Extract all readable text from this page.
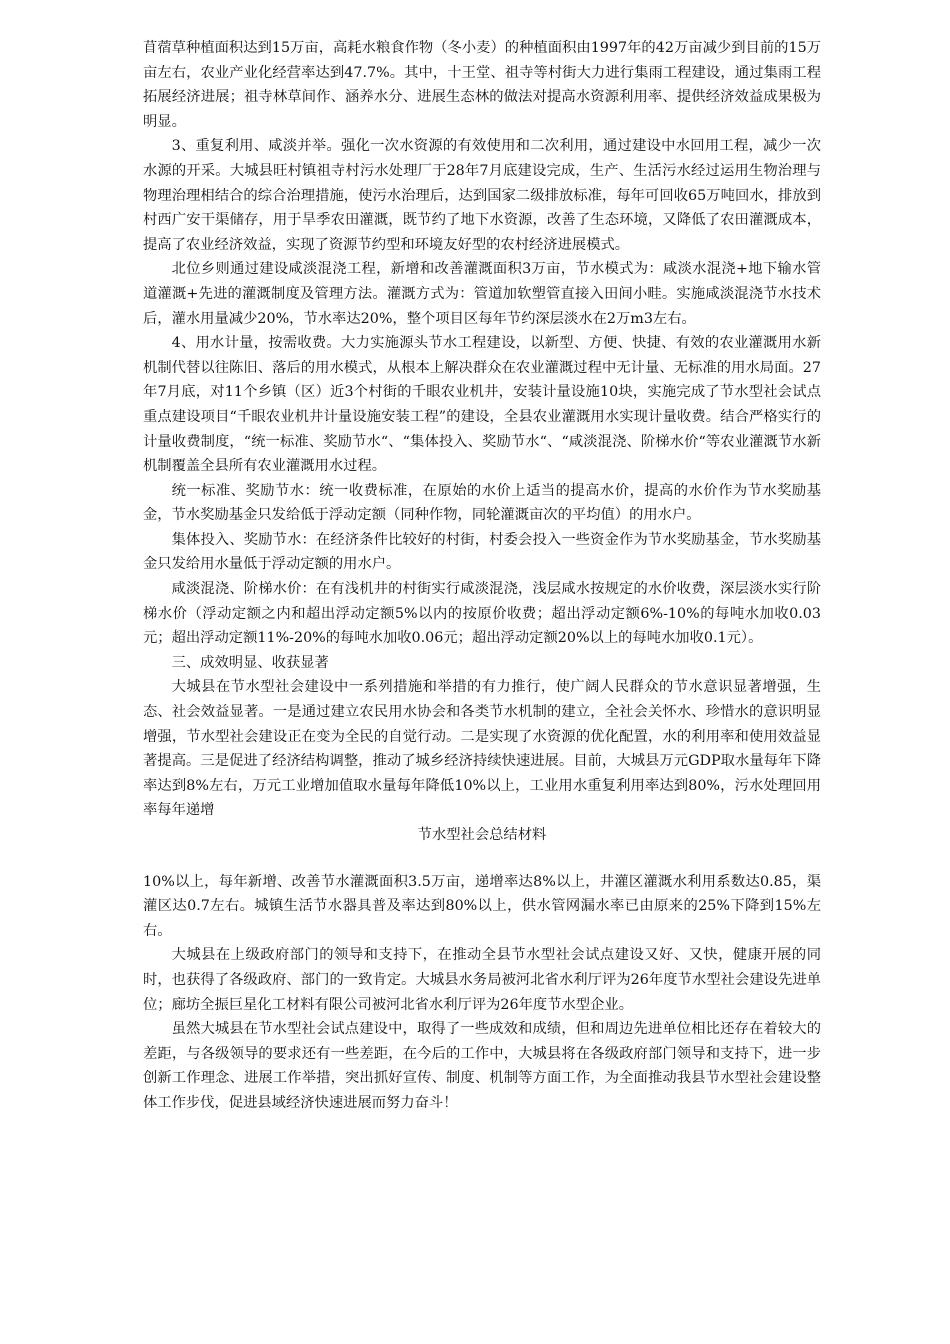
苜蓿草种植面积达到15万亩，高耗水粮食作物（冬小麦）的种植面积由1997年的42万亩减少到目前的15万亩左右，农业产业化经营率达到47.7%。其中，十王堂、祖寺等村街大力进行集雨工程建设，通过集雨工程拓展经济进展；祖寺林草间作、涵养水分、进展生态林的做法对提高水资源利用率、提供经济效益成果极为明显。

3、重复利用、咸淡并举。强化一次水资源的有效使用和二次利用，通过建设中水回用工程，减少一次水源的开采。大城县旺村镇祖寺村污水处理厂于28年7月底建设完成，生产、生活污水经过运用生物治理与物理治理相结合的综合治理措施，使污水治理后，达到国家二级排放标准，每年可回收65万吨回水，排放到村西广安干渠储存，用于旱季农田灌溉，既节约了地下水资源，改善了生态环境，又降低了农田灌溉成本，提高了农业经济效益，实现了资源节约型和环境友好型的农村经济进展模式。

北位乡则通过建设咸淡混浇工程，新增和改善灌溉面积3万亩，节水模式为：咸淡水混浇+地下输水管道灌溉+先进的灌溉制度及管理方法。灌溉方式为：管道加软塑管直接入田间小畦。实施咸淡混浇节水技术后，灌水用量减少20%，节水率达20%，整个项目区每年节约深层淡水在2万m3左右。

4、用水计量，按需收费。大力实施源头节水工程建设，以新型、方便、快捷、有效的农业灌溉用水新机制代替以往陈旧、落后的用水模式，从根本上解决群众在农业灌溉过程中无计量、无标准的用水局面。27年7月底，对11个乡镇（区）近3个村街的千眼农业机井，安装计量设施10块，实施完成了节水型社会试点重点建设项目“千眼农业机井计量设施安装工程”的建设，全县农业灌溉用水实现计量收费。结合严格实行的计量收费制度，“统一标准、奖励节水“、“集体投入、奖励节水“、“咸淡混浇、阶梯水价“等农业灌溉节水新机制覆盖全县所有农业灌溉用水过程。

统一标准、奖励节水：统一收费标准，在原始的水价上适当的提高水价，提高的水价作为节水奖励基金，节水奖励基金只发给低于浮动定额（同种作物，同轮灌溉亩次的平均值）的用水户。

集体投入、奖励节水：在经济条件比较好的村街，村委会投入一些资金作为节水奖励基金，节水奖励基金只发给用水量低于浮动定额的用水户。

咸淡混浇、阶梯水价：在有浅机井的村街实行咸淡混浇，浅层咸水按规定的水价收费，深层淡水实行阶梯水价（浮动定额之内和超出浮动定额5%以内的按原价收费；超出浮动定额6%-10%的每吨水加收0.03元；超出浮动定额11%-20%的每吨水加收0.06元；超出浮动定额20%以上的每吨水加收0.1元）。

三、成效明显、收获显著

大城县在节水型社会建设中一系列措施和举措的有力推行，使广阔人民群众的节水意识显著增强，生态、社会效益显著。一是通过建立农民用水协会和各类节水机制的建立，全社会关怀水、珍惜水的意识明显增强，节水型社会建设正在变为全民的自觉行动。二是实现了水资源的优化配置，水的利用率和使用效益显著提高。三是促进了经济结构调整，推动了城乡经济持续快速进展。目前，大城县万元GDP取水量每年下降率达到8%左右，万元工业增加值取水量每年降低10%以上，工业用水重复利用率达到80%，污水处理回用率每年递增

节水型社会总结材料

10%以上，每年新增、改善节水灌溉面积3.5万亩，递增率达8%以上，井灌区灌溉水利用系数达0.85，渠灌区达0.7左右。城镇生活节水器具普及率达到80%以上，供水管网漏水率已由原来的25%下降到15%左右。

大城县在上级政府部门的领导和支持下，在推动全县节水型社会试点建设又好、又快，健康开展的同时，也获得了各级政府、部门的一致肯定。大城县水务局被河北省水利厅评为26年度节水型社会建设先进单位；廊坊全振巨星化工材料有限公司被河北省水利厅评为26年度节水型企业。

虽然大城县在节水型社会试点建设中，取得了一些成效和成绩，但和周边先进单位相比还存在着较大的差距，与各级领导的要求还有一些差距，在今后的工作中，大城县将在各级政府部门领导和支持下，进一步创新工作理念、进展工作举措，突出抓好宣传、制度、机制等方面工作，为全面推动我县节水型社会建设整体工作步伐，促进县域经济快速进展而努力奋斗！
